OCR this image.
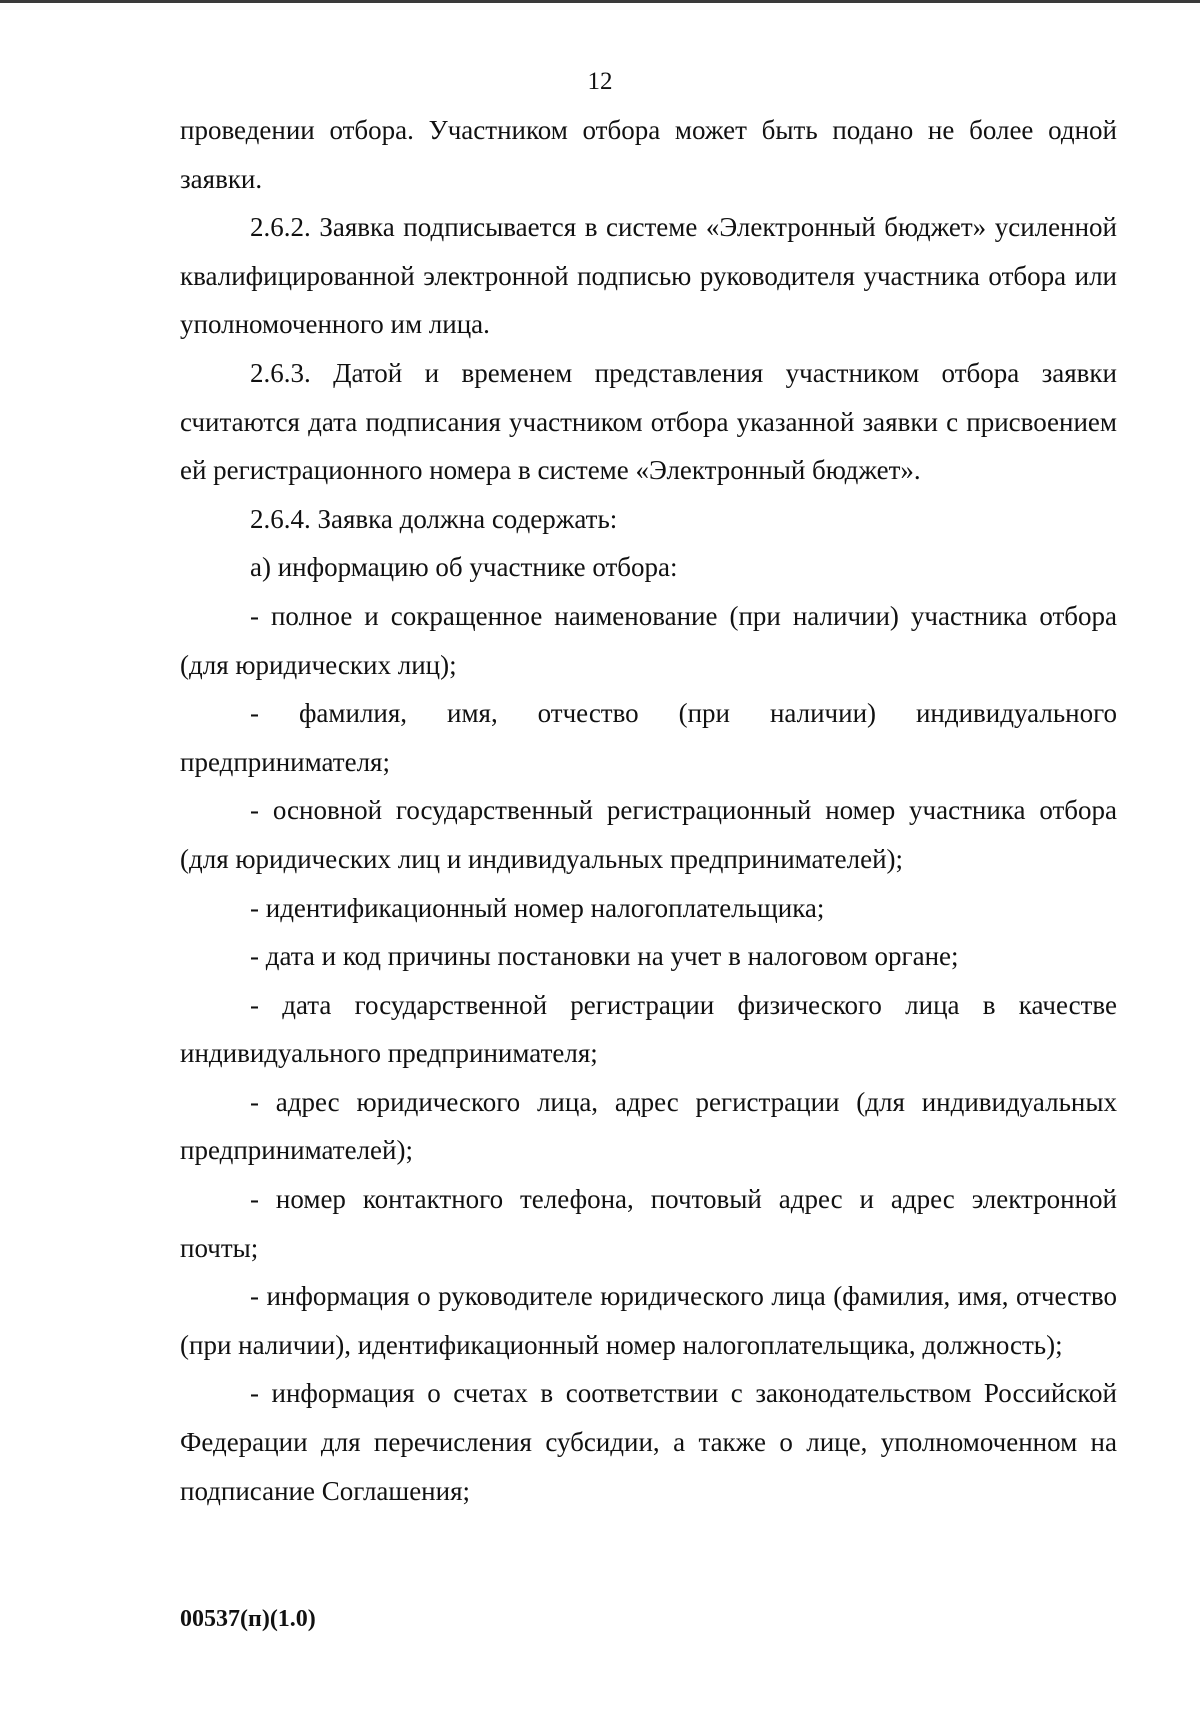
12

проведении отбора. Участником отбора может быть подано не более одной заявки.

2.6.2. Заявка подписывается в системе «Электронный бюджет» усиленной квалифицированной электронной подписью руководителя участника отбора или уполномоченного им лица.

2.6.3. Датой и временем представления участником отбора заявки считаются дата подписания участником отбора указанной заявки с присвоением ей регистрационного номера в системе «Электронный бюджет».

2.6.4. Заявка должна содержать:

а) информацию об участнике отбора:

- полное и сокращенное наименование (при наличии) участника отбора (для юридических лиц);

- фамилия, имя, отчество (при наличии) индивидуального предпринимателя;

- основной государственный регистрационный номер участника отбора (для юридических лиц и индивидуальных предпринимателей);

- идентификационный номер налогоплательщика;

- дата и код причины постановки на учет в налоговом органе;

- дата государственной регистрации физического лица в качестве индивидуального предпринимателя;

- адрес юридического лица, адрес регистрации (для индивидуальных предпринимателей);

- номер контактного телефона, почтовый адрес и адрес электронной почты;

- информация о руководителе юридического лица (фамилия, имя, отчество (при наличии), идентификационный номер налогоплательщика, должность);

- информация о счетах в соответствии с законодательством Российской Федерации для перечисления субсидии, а также о лице, уполномоченном на подписание Соглашения;

00537(п)(1.0)
